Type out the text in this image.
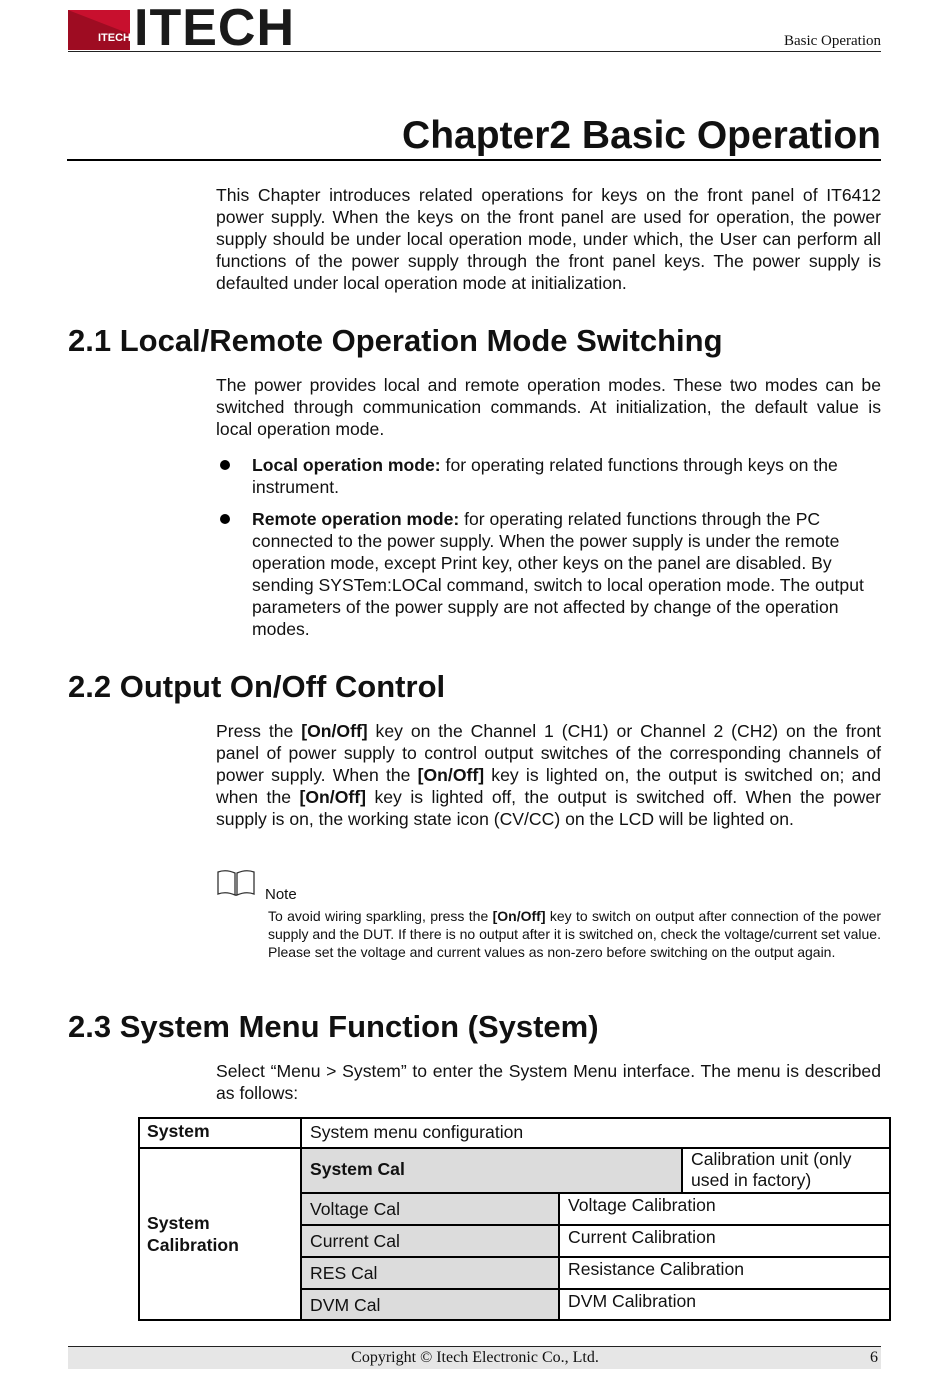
ITECH ITECH	Basic Operation
Chapter2 Basic Operation
This Chapter introduces related operations for keys on the front panel of IT6412 power supply. When the keys on the front panel are used for operation, the power supply should be under local operation mode, under which, the User can perform all functions of the power supply through the front panel keys. The power supply is defaulted under local operation mode at initialization.
2.1 Local/Remote Operation Mode Switching
The power provides local and remote operation modes. These two modes can be switched through communication commands. At initialization, the default value is local operation mode.
Local operation mode: for operating related functions through keys on the instrument.
Remote operation mode: for operating related functions through the PC connected to the power supply. When the power supply is under the remote operation mode, except Print key, other keys on the panel are disabled. By sending SYSTem:LOCal command, switch to local operation mode. The output parameters of the power supply are not affected by change of the operation modes.
2.2 Output On/Off Control
Press the [On/Off] key on the Channel 1 (CH1) or Channel 2 (CH2) on the front panel of power supply to control output switches of the corresponding channels of power supply. When the [On/Off] key is lighted on, the output is switched on; and when the [On/Off] key is lighted off, the output is switched off. When the power supply is on, the working state icon (CV/CC) on the LCD will be lighted on.
Note
To avoid wiring sparkling, press the [On/Off] key to switch on output after connection of the power supply and the DUT. If there is no output after it is switched on, check the voltage/current set value. Please set the voltage and current values as non-zero before switching on the output again.
2.3 System Menu Function (System)
Select “Menu > System” to enter the System Menu interface. The menu is described as follows:
System	System menu configuration
System Calibration
System Cal	Calibration unit (only used in factory)
Voltage Cal	Voltage Calibration
Current Cal	Current Calibration
RES Cal	Resistance Calibration
DVM Cal	DVM Calibration
Copyright © Itech Electronic Co., Ltd.	6
